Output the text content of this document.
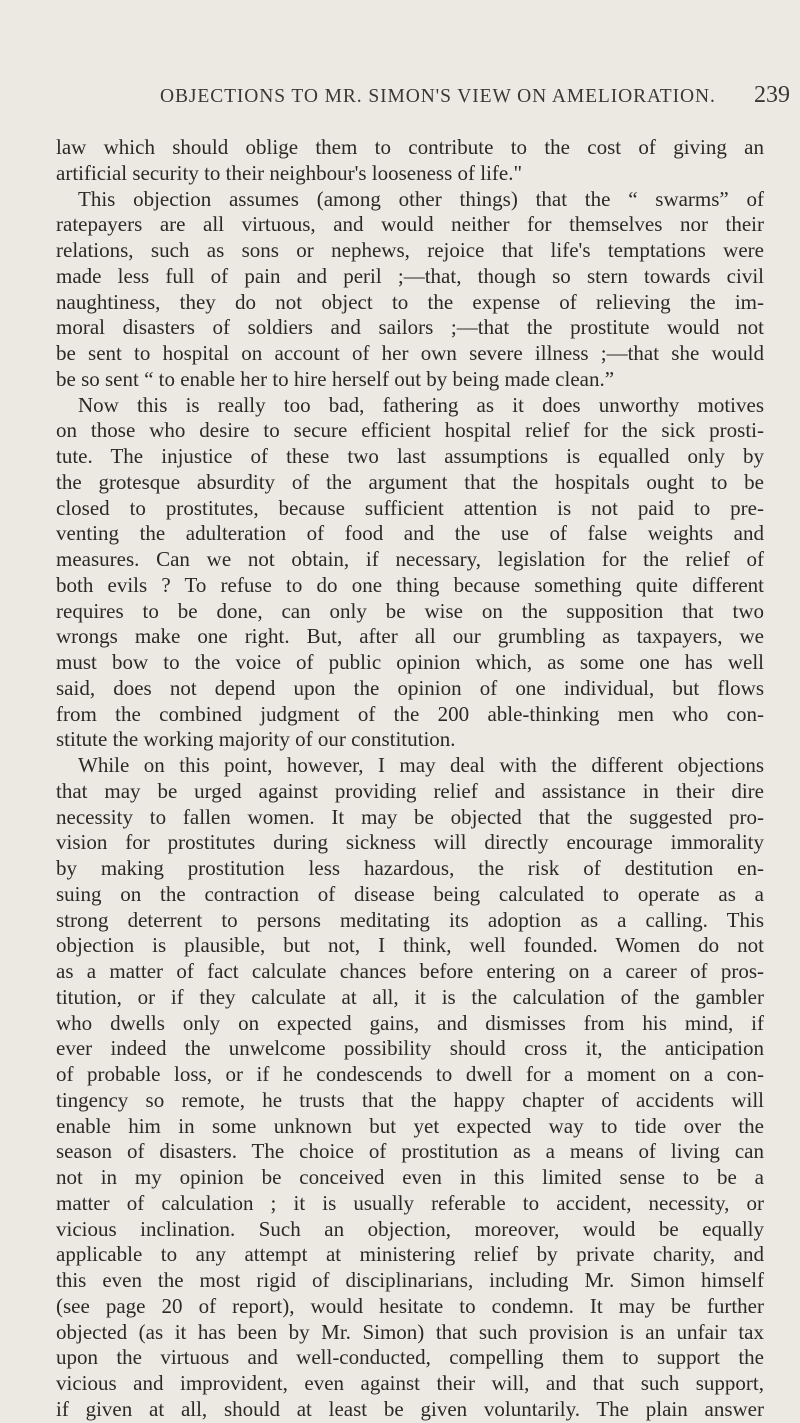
OBJECTIONS TO MR. SIMON'S VIEW ON AMELIORATION. 239
law which should oblige them to contribute to the cost of giving an
artificial security to their neighbour's looseness of life."
This objection assumes (among other things) that the “ swarms” of
ratepayers are all virtuous, and would neither for themselves nor their
relations, such as sons or nephews, rejoice that life's temptations were
made less full of pain and peril ;—that, though so stern towards civil
naughtiness, they do not object to the expense of relieving the im-
moral disasters of soldiers and sailors ;—that the prostitute would not
be sent to hospital on account of her own severe illness ;—that she would
be so sent “ to enable her to hire herself out by being made clean.”
Now this is really too bad, fathering as it does unworthy motives
on those who desire to secure efficient hospital relief for the sick prosti-
tute. The injustice of these two last assumptions is equalled only by
the grotesque absurdity of the argument that the hospitals ought to be
closed to prostitutes, because sufficient attention is not paid to pre-
venting the adulteration of food and the use of false weights and
measures. Can we not obtain, if necessary, legislation for the relief of
both evils ? To refuse to do one thing because something quite different
requires to be done, can only be wise on the supposition that two
wrongs make one right. But, after all our grumbling as taxpayers, we
must bow to the voice of public opinion which, as some one has well
said, does not depend upon the opinion of one individual, but flows
from the combined judgment of the 200 able-thinking men who con-
stitute the working majority of our constitution.
While on this point, however, I may deal with the different objections
that may be urged against providing relief and assistance in their dire
necessity to fallen women. It may be objected that the suggested pro-
vision for prostitutes during sickness will directly encourage immorality
by making prostitution less hazardous, the risk of destitution en-
suing on the contraction of disease being calculated to operate as a
strong deterrent to persons meditating its adoption as a calling. This
objection is plausible, but not, I think, well founded. Women do not
as a matter of fact calculate chances before entering on a career of pros-
titution, or if they calculate at all, it is the calculation of the gambler
who dwells only on expected gains, and dismisses from his mind, if
ever indeed the unwelcome possibility should cross it, the anticipation
of probable loss, or if he condescends to dwell for a moment on a con-
tingency so remote, he trusts that the happy chapter of accidents will
enable him in some unknown but yet expected way to tide over the
season of disasters. The choice of prostitution as a means of living can
not in my opinion be conceived even in this limited sense to be a
matter of calculation ; it is usually referable to accident, necessity, or
vicious inclination. Such an objection, moreover, would be equally
applicable to any attempt at ministering relief by private charity, and
this even the most rigid of disciplinarians, including Mr. Simon himself
(see page 20 of report), would hesitate to condemn. It may be further
objected (as it has been by Mr. Simon) that such provision is an unfair tax
upon the virtuous and well-conducted, compelling them to support the
vicious and improvident, even against their will, and that such support,
if given at all, should at least be given voluntarily. The plain answer
